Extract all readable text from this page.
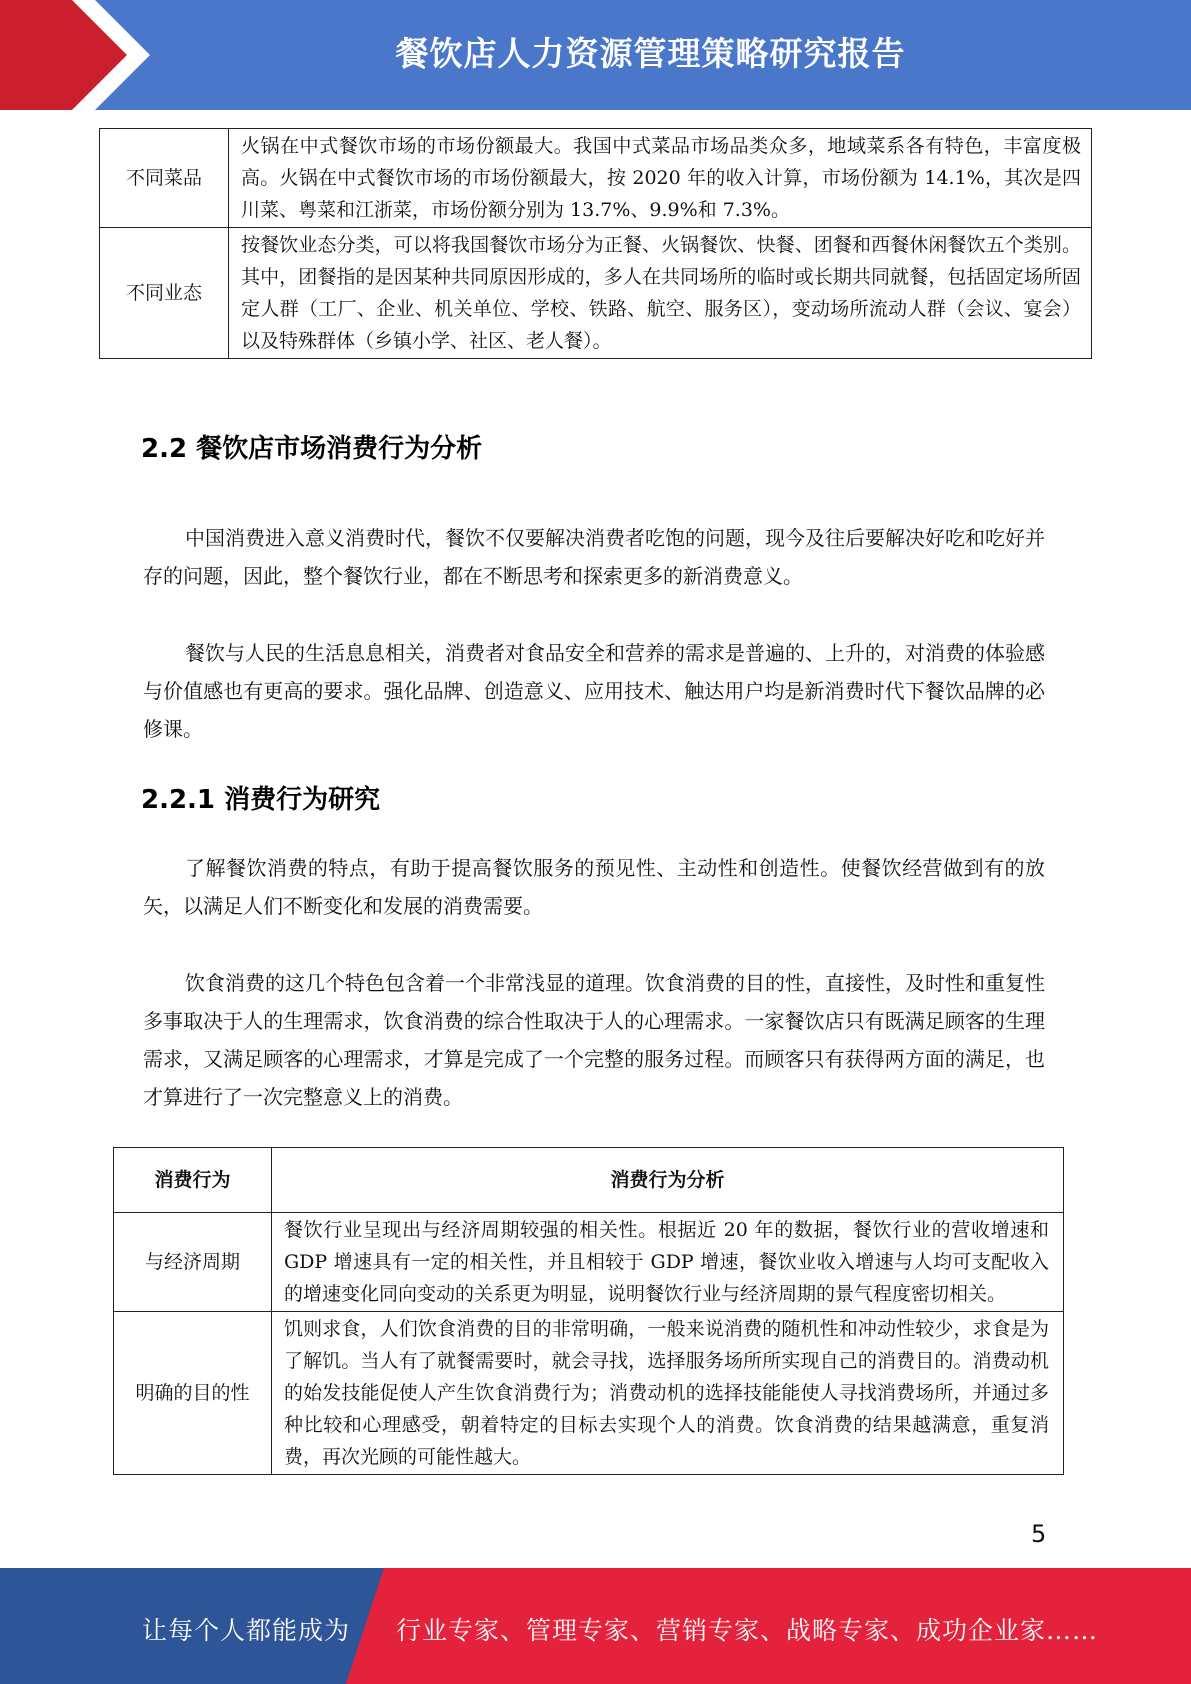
餐饮店人力资源管理策略研究报告
不同菜品	火锅在中式餐饮市场的市场份额最大。我国中式菜品市场品类众多，地域菜系各有特色，丰富度极高。火锅在中式餐饮市场的市场份额最大，按 2020 年的收入计算，市场份额为 14.1%，其次是四川菜、粤菜和江浙菜，市场份额分别为 13.7%、9.9%和 7.3%。
不同业态	按餐饮业态分类，可以将我国餐饮市场分为正餐、火锅餐饮、快餐、团餐和西餐休闲餐饮五个类别。其中，团餐指的是因某种共同原因形成的，多人在共同场所的临时或长期共同就餐，包括固定场所固定人群（工厂、企业、机关单位、学校、铁路、航空、服务区），变动场所流动人群（会议、宴会）以及特殊群体（乡镇小学、社区、老人餐）。
2.2 餐饮店市场消费行为分析

中国消费进入意义消费时代，餐饮不仅要解决消费者吃饱的问题，现今及往后要解决好吃和吃好并存的问题，因此，整个餐饮行业，都在不断思考和探索更多的新消费意义。

餐饮与人民的生活息息相关，消费者对食品安全和营养的需求是普遍的、上升的，对消费的体验感与价值感也有更高的要求。强化品牌、创造意义、应用技术、触达用户均是新消费时代下餐饮品牌的必修课。

2.2.1 消费行为研究

了解餐饮消费的特点，有助于提高餐饮服务的预见性、主动性和创造性。使餐饮经营做到有的放矢，以满足人们不断变化和发展的消费需要。

饮食消费的这几个特色包含着一个非常浅显的道理。饮食消费的目的性，直接性，及时性和重复性多事取决于人的生理需求，饮食消费的综合性取决于人的心理需求。一家餐饮店只有既满足顾客的生理需求，又满足顾客的心理需求，才算是完成了一个完整的服务过程。而顾客只有获得两方面的满足，也才算进行了一次完整意义上的消费。

消费行为	消费行为分析
与经济周期	餐饮行业呈现出与经济周期较强的相关性。根据近 20 年的数据，餐饮行业的营收增速和 GDP 增速具有一定的相关性，并且相较于 GDP 增速，餐饮业收入增速与人均可支配收入的增速变化同向变动的关系更为明显，说明餐饮行业与经济周期的景气程度密切相关。
明确的目的性	饥则求食，人们饮食消费的目的非常明确，一般来说消费的随机性和冲动性较少，求食是为了解饥。当人有了就餐需要时，就会寻找，选择服务场所所实现自己的消费目的。消费动机的始发技能促使人产生饮食消费行为；消费动机的选择技能能使人寻找消费场所，并通过多种比较和心理感受，朝着特定的目标去实现个人的消费。饮食消费的结果越满意，重复消费，再次光顾的可能性越大。
5
让每个人都能成为 行业专家、管理专家、营销专家、战略专家、成功企业家……
